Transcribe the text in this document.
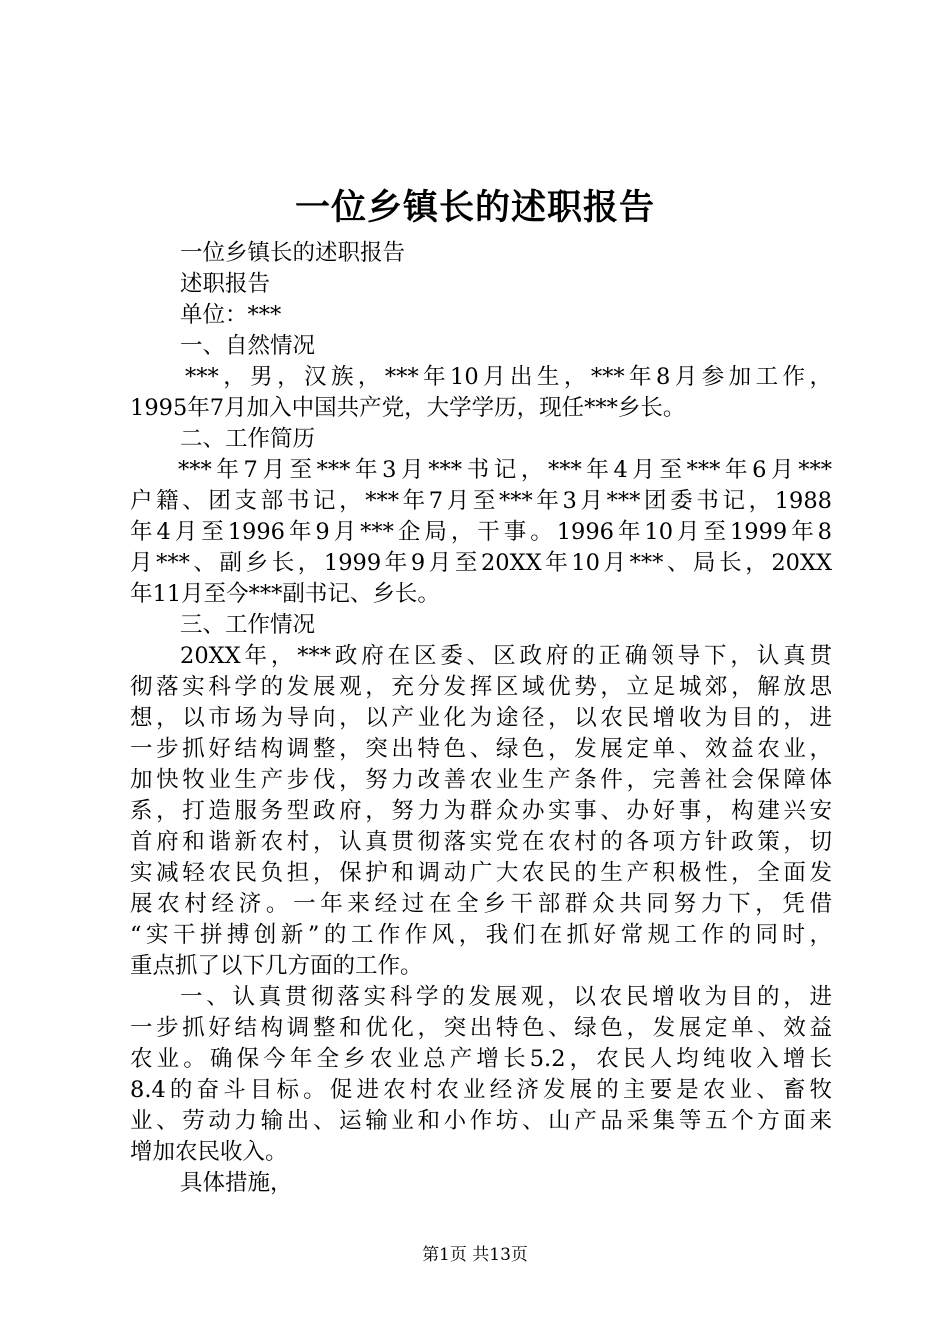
一位乡镇长的述职报告
一位乡镇长的述职报告
述职报告
单位：***
一、自然情况
***，男，汉族，***年10月出生，***年8月参加工作，
1995年7月加入中国共产党，大学学历，现任***乡长。
二、工作简历
***年7月至***年3月***书记，***年4月至***年6月***
户籍、团支部书记，***年7月至***年3月***团委书记，1988
年4月至1996年9月***企局，干事。1996年10月至1999年8
月***、副乡长，1999年9月至20XX年10月***、局长，20XX
年11月至今***副书记、乡长。
三、工作情况
20XX年，***政府在区委、区政府的正确领导下，认真贯
彻落实科学的发展观，充分发挥区域优势，立足城郊，解放思
想，以市场为导向，以产业化为途径，以农民增收为目的，进
一步抓好结构调整，突出特色、绿色，发展定单、效益农业，
加快牧业生产步伐，努力改善农业生产条件，完善社会保障体
系，打造服务型政府，努力为群众办实事、办好事，构建兴安
首府和谐新农村，认真贯彻落实党在农村的各项方针政策，切
实减轻农民负担，保护和调动广大农民的生产积极性，全面发
展农村经济。一年来经过在全乡干部群众共同努力下，凭借
“实干拼搏创新”的工作作风，我们在抓好常规工作的同时，
重点抓了以下几方面的工作。
一、认真贯彻落实科学的发展观，以农民增收为目的，进
一步抓好结构调整和优化，突出特色、绿色，发展定单、效益
农业。确保今年全乡农业总产增长5.2，农民人均纯收入增长
8.4的奋斗目标。促进农村农业经济发展的主要是农业、畜牧
业、劳动力输出、运输业和小作坊、山产品采集等五个方面来
增加农民收入。
具体措施，
第1页 共13页
